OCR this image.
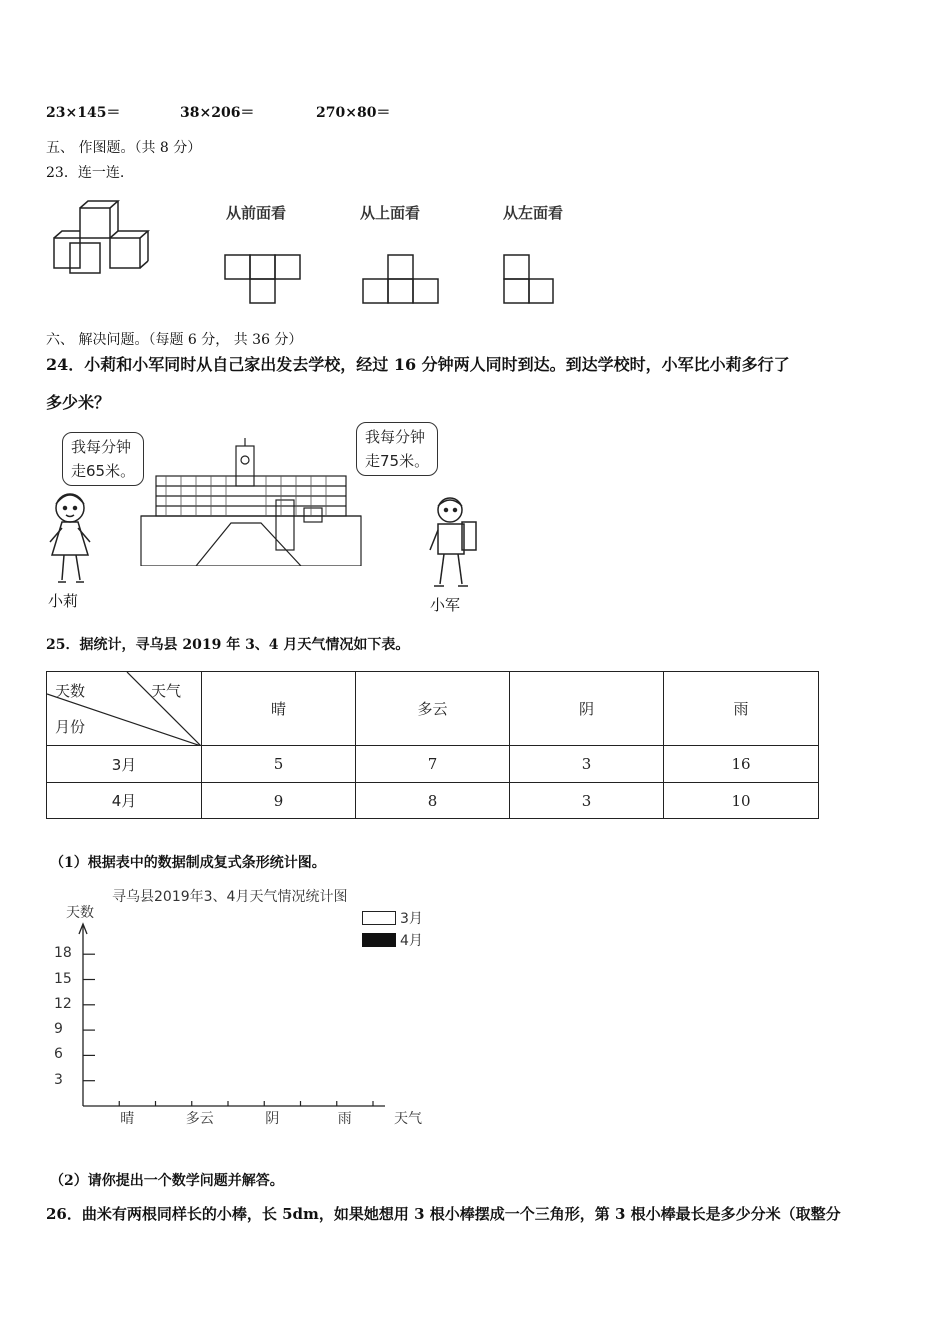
23×145＝	38×206＝	270×80＝
五、 作图题。（共 8 分）
23．连一连.
从前面看	从上面看	从左面看
六、 解决问题。（每题 6 分， 共 36 分）
24．小莉和小军同时从自己家出发去学校，经过 16 分钟两人同时到达。到达学校时，小军比小莉多行了
多少米？
我每分钟
走65米。
我每分钟
走75米。
小莉	小军
25．据统计，寻乌县 2019 年 3、4 月天气情况如下表。
天数 天气
月份	晴	多云	阴	雨
3月	5	7	3	16
4月	9	8	3	10
（1）根据表中的数据制成复式条形统计图。
寻乌县2019年3、4月天气情况统计图
天数
天气
3月
4月
18
15
12
9
6
3
晴	多云	阴	雨
（2）请你提出一个数学问题并解答。
26．曲米有两根同样长的小棒，长 5dm，如果她想用 3 根小棒摆成一个三角形，第 3 根小棒最长是多少分米（取整分
